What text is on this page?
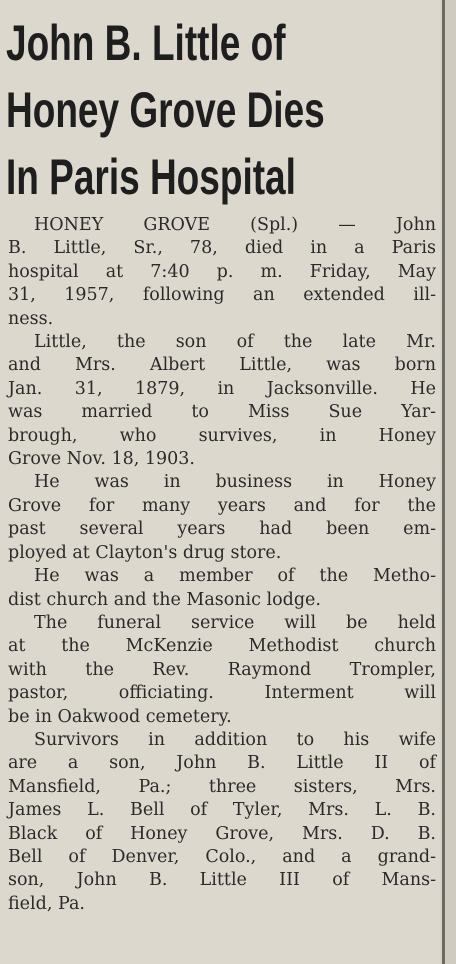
John B. Little of
Honey Grove Dies
In Paris Hospital
HONEY GROVE (Spl.) — John
B. Little, Sr., 78, died in a Paris
hospital at 7:40 p. m. Friday, May
31, 1957, following an extended ill-
ness.
Little, the son of the late Mr.
and Mrs. Albert Little, was born
Jan. 31, 1879, in Jacksonville. He
was married to Miss Sue Yar-
brough, who survives, in Honey
Grove Nov. 18, 1903.
He was in business in Honey
Grove for many years and for the
past several years had been em-
ployed at Clayton's drug store.
He was a member of the Metho-
dist church and the Masonic lodge.
The funeral service will be held
at the McKenzie Methodist church
with the Rev. Raymond Trompler,
pastor, officiating. Interment will
be in Oakwood cemetery.
Survivors in addition to his wife
are a son, John B. Little II of
Mansfield, Pa.; three sisters, Mrs.
James L. Bell of Tyler, Mrs. L. B.
Black of Honey Grove, Mrs. D. B.
Bell of Denver, Colo., and a grand-
son, John B. Little III of Mans-
field, Pa.
